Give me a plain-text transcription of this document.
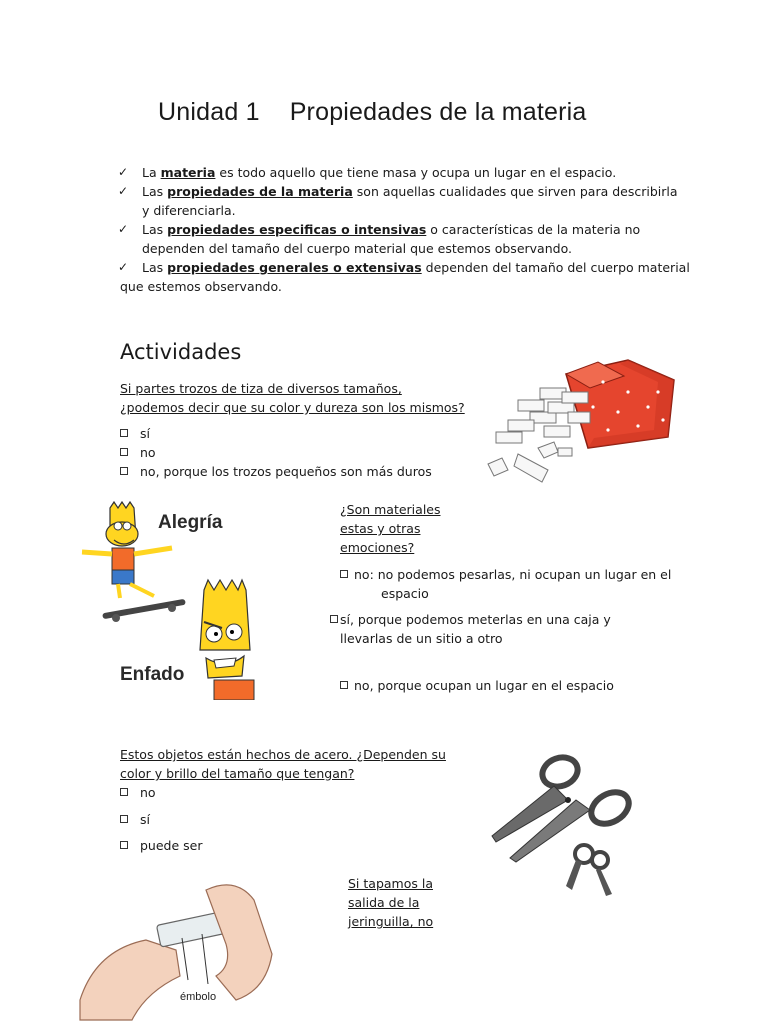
Unidad 1 Propiedades de la materia
✓ La materia es todo aquello que tiene masa y ocupa un lugar en el espacio.
✓ Las propiedades de la materia son aquellas cualidades que sirven para describirla
y diferenciarla.
✓ Las propiedades especificas o intensivas o características de la materia no
dependen del tamaño del cuerpo material que estemos observando.
✓ Las propiedades generales o extensivas dependen del tamaño del cuerpo material
que estemos observando.
Actividades
Si partes trozos de tiza de diversos tamaños,
¿podemos decir que su color y dureza son los mismos?
sí
no
no, porque los trozos pequeños son más duros
Alegría
Enfado
¿Son materiales
estas y otras
emociones?
no: no podemos pesarlas, ni ocupan un lugar en el
espacio
sí, porque podemos meterlas en una caja y
llevarlas de un sitio a otro
no, porque ocupan un lugar en el espacio
Estos objetos están hechos de acero. ¿Dependen su
color y brillo del tamaño que tengan?
no
sí
puede ser
Si tapamos la
salida de la
jeringuilla, no
émbolo
